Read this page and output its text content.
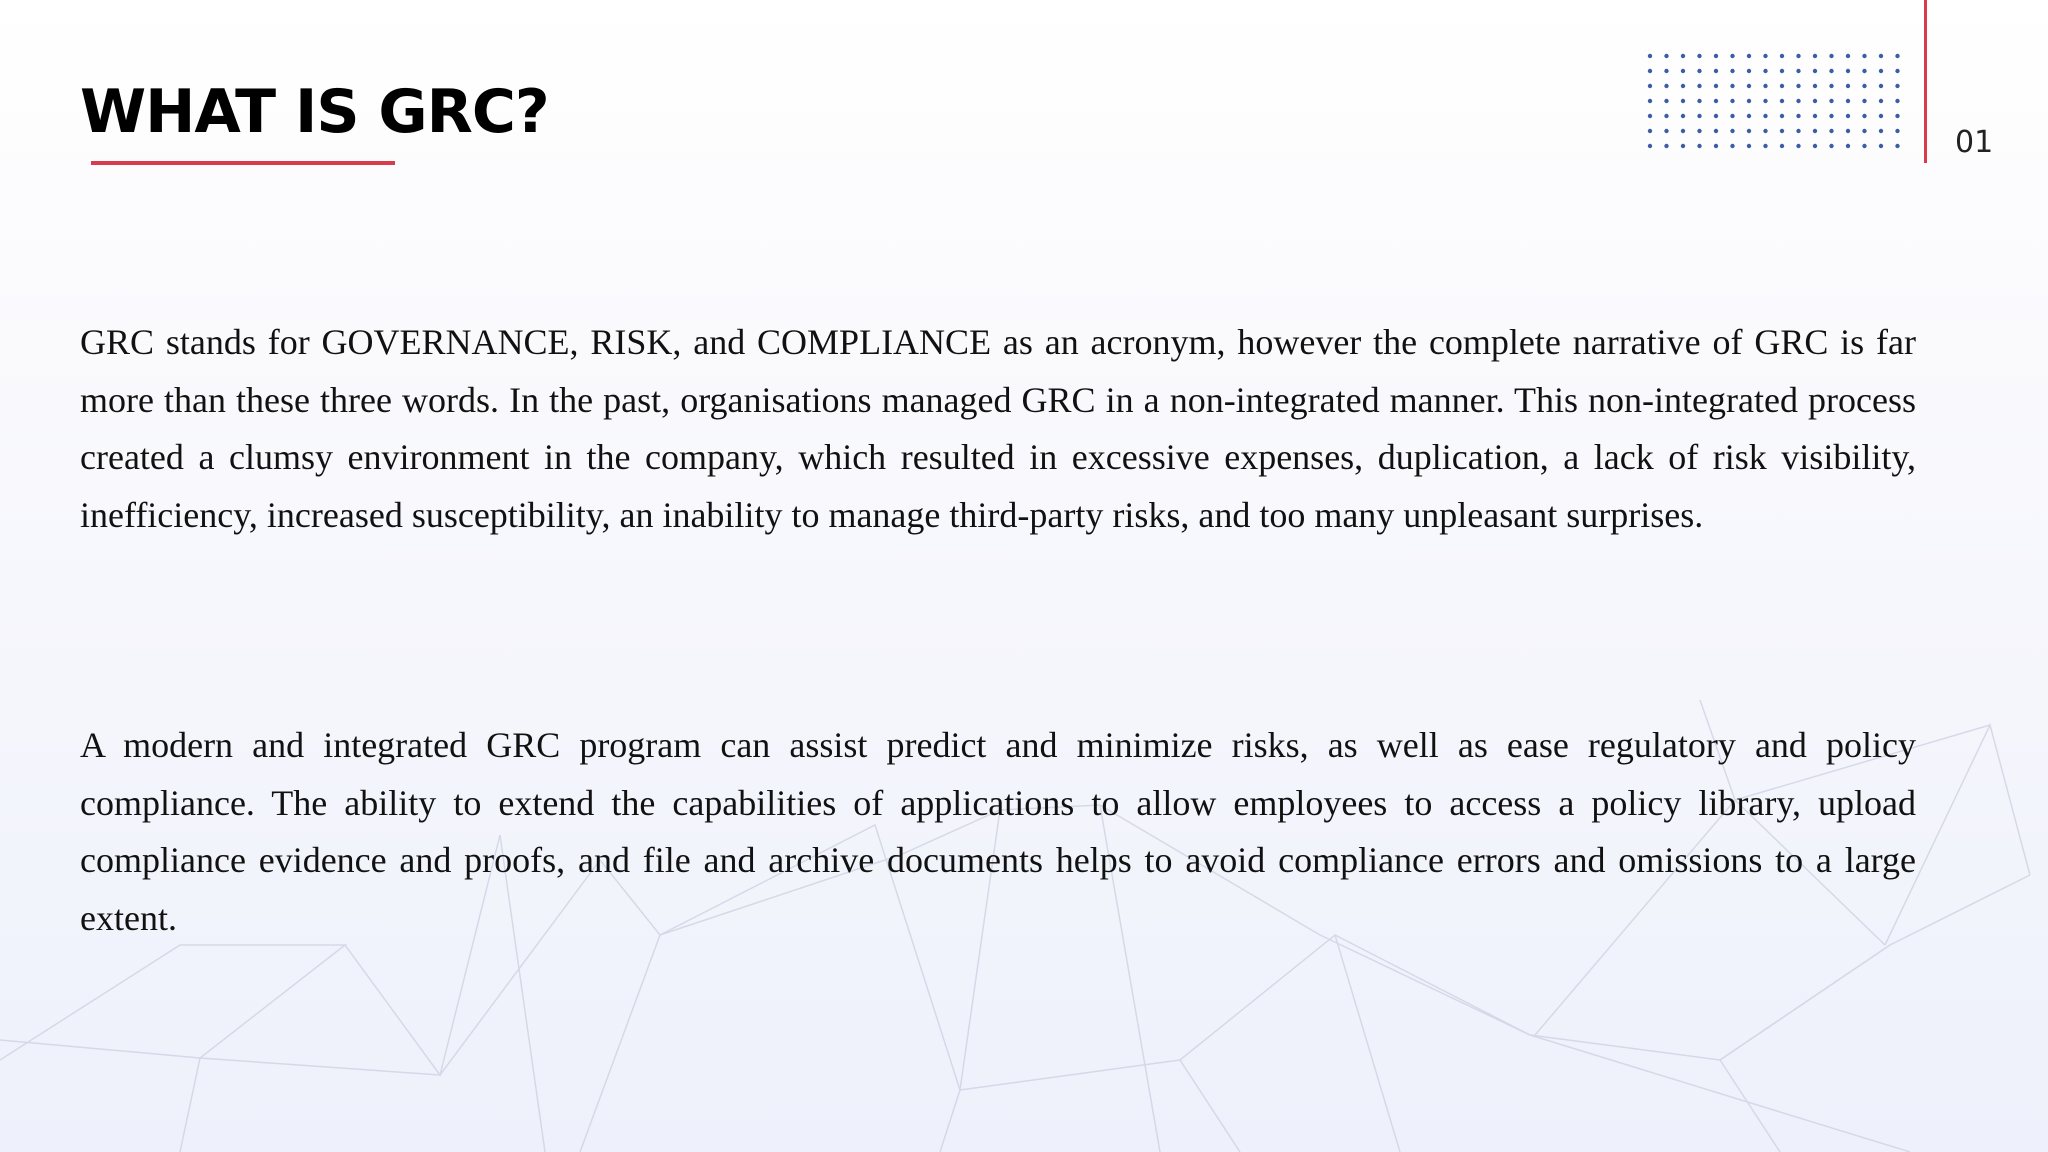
WHAT IS GRC?	01

GRC stands for GOVERNANCE, RISK, and COMPLIANCE as an acronym, however the complete narrative of GRC is far more than these three words. In the past, organisations managed GRC in a non-integrated manner. This non-integrated process created a clumsy environment in the company, which resulted in excessive expenses, duplication, a lack of risk visibility, inefficiency, increased susceptibility, an inability to manage third-party risks, and too many unpleasant surprises.

A modern and integrated GRC program can assist predict and minimize risks, as well as ease regulatory and policy compliance. The ability to extend the capabilities of applications to allow employees to access a policy library, upload compliance evidence and proofs, and file and archive documents helps to avoid compliance errors and omissions to a large extent.
